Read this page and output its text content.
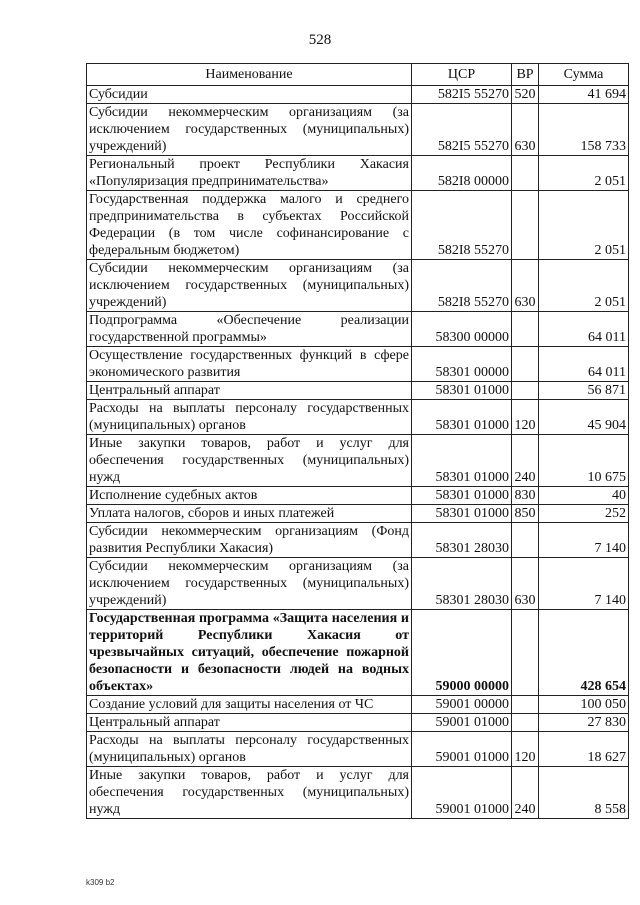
528
Наименование	ЦСР	ВР	Сумма
Субсидии	582I5 55270	520	41 694
Субсидии некоммерческим организациям (за исключением государственных (муниципальных) учреждений)	582I5 55270	630	158 733
Региональный проект Республики Хакасия «Популяризация предпринимательства»	582I8 00000		2 051
Государственная поддержка малого и среднего предпринимательства в субъектах Российской Федерации (в том числе софинансирование с федеральным бюджетом)	582I8 55270		2 051
Субсидии некоммерческим организациям (за исключением государственных (муниципальных) учреждений)	582I8 55270	630	2 051
Подпрограмма «Обеспечение реализации государственной программы»	58300 00000		64 011
Осуществление государственных функций в сфере экономического развития	58301 00000		64 011
Центральный аппарат	58301 01000		56 871
Расходы на выплаты персоналу государственных (муниципальных) органов	58301 01000	120	45 904
Иные закупки товаров, работ и услуг для обеспечения государственных (муниципальных) нужд	58301 01000	240	10 675
Исполнение судебных актов	58301 01000	830	40
Уплата налогов, сборов и иных платежей	58301 01000	850	252
Субсидии некоммерческим организациям (Фонд развития Республики Хакасия)	58301 28030		7 140
Субсидии некоммерческим организациям (за исключением государственных (муниципальных) учреждений)	58301 28030	630	7 140
Государственная программа «Защита населения и территорий Республики Хакасия от чрезвычайных ситуаций, обеспечение пожарной безопасности и безопасности людей на водных объектах»	59000 00000		428 654
Создание условий для защиты населения от ЧС	59001 00000		100 050
Центральный аппарат	59001 01000		27 830
Расходы на выплаты персоналу государственных (муниципальных) органов	59001 01000	120	18 627
Иные закупки товаров, работ и услуг для обеспечения государственных (муниципальных) нужд	59001 01000	240	8 558
k309 b2
